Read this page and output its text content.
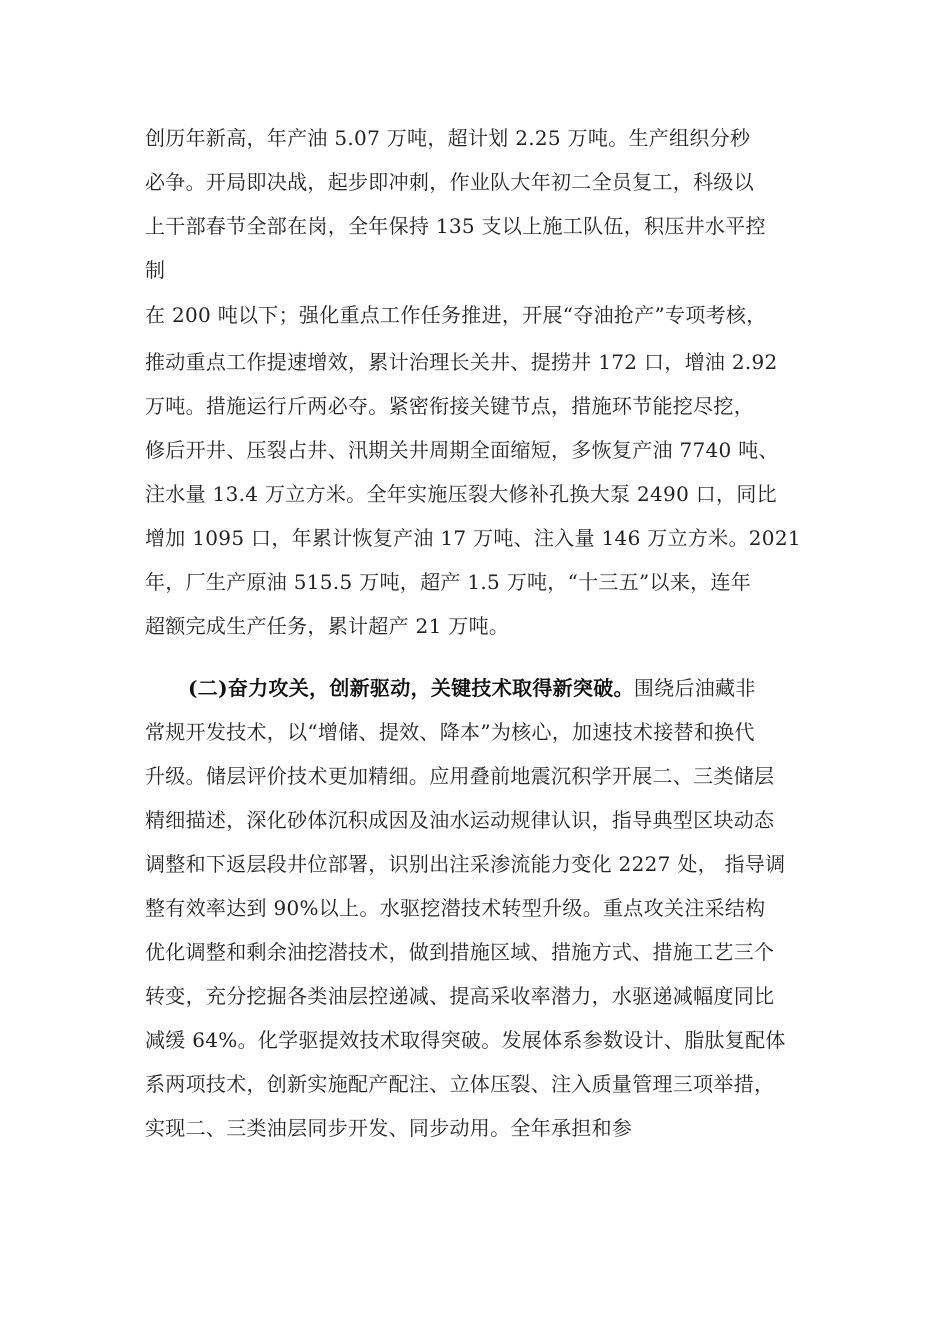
创历年新高，年产油 5.07 万吨，超计划 2.25 万吨。生产组织分秒

必争。开局即决战，起步即冲刺，作业队大年初二全员复工，科级以

上干部春节全部在岗，全年保持 135 支以上施工队伍，积压井水平控

制

在 200 吨以下；强化重点工作任务推进，开展“夺油抢产”专项考核，

推动重点工作提速增效，累计治理长关井、提捞井 172 口，增油 2.92

万吨。措施运行斤两必夺。紧密衔接关键节点，措施环节能挖尽挖，

修后开井、压裂占井、汛期关井周期全面缩短，多恢复产油 7740 吨、

注水量 13.4 万立方米。全年实施压裂大修补孔换大泵 2490 口，同比

增加 1095 口，年累计恢复产油 17 万吨、注入量 146 万立方米。2021

年，厂生产原油 515.5 万吨，超产 1.5 万吨，“十三五”以来，连年

超额完成生产任务，累计超产 21 万吨。

(二)奋力攻关，创新驱动，关键技术取得新突破。围绕后油藏非

常规开发技术，以“增储、提效、降本”为核心，加速技术接替和换代

升级。储层评价技术更加精细。应用叠前地震沉积学开展二、三类储层

精细描述，深化砂体沉积成因及油水运动规律认识，指导典型区块动态

调整和下返层段井位部署，识别出注采渗流能力变化 2227 处， 指导调

整有效率达到 90%以上。水驱挖潜技术转型升级。重点攻关注采结构

优化调整和剩余油挖潜技术，做到措施区域、措施方式、措施工艺三个

转变，充分挖掘各类油层控递减、提高采收率潜力，水驱递减幅度同比

减缓 64%。化学驱提效技术取得突破。发展体系参数设计、脂肽复配体

系两项技术，创新实施配产配注、立体压裂、注入质量管理三项举措，

实现二、三类油层同步开发、同步动用。全年承担和参
